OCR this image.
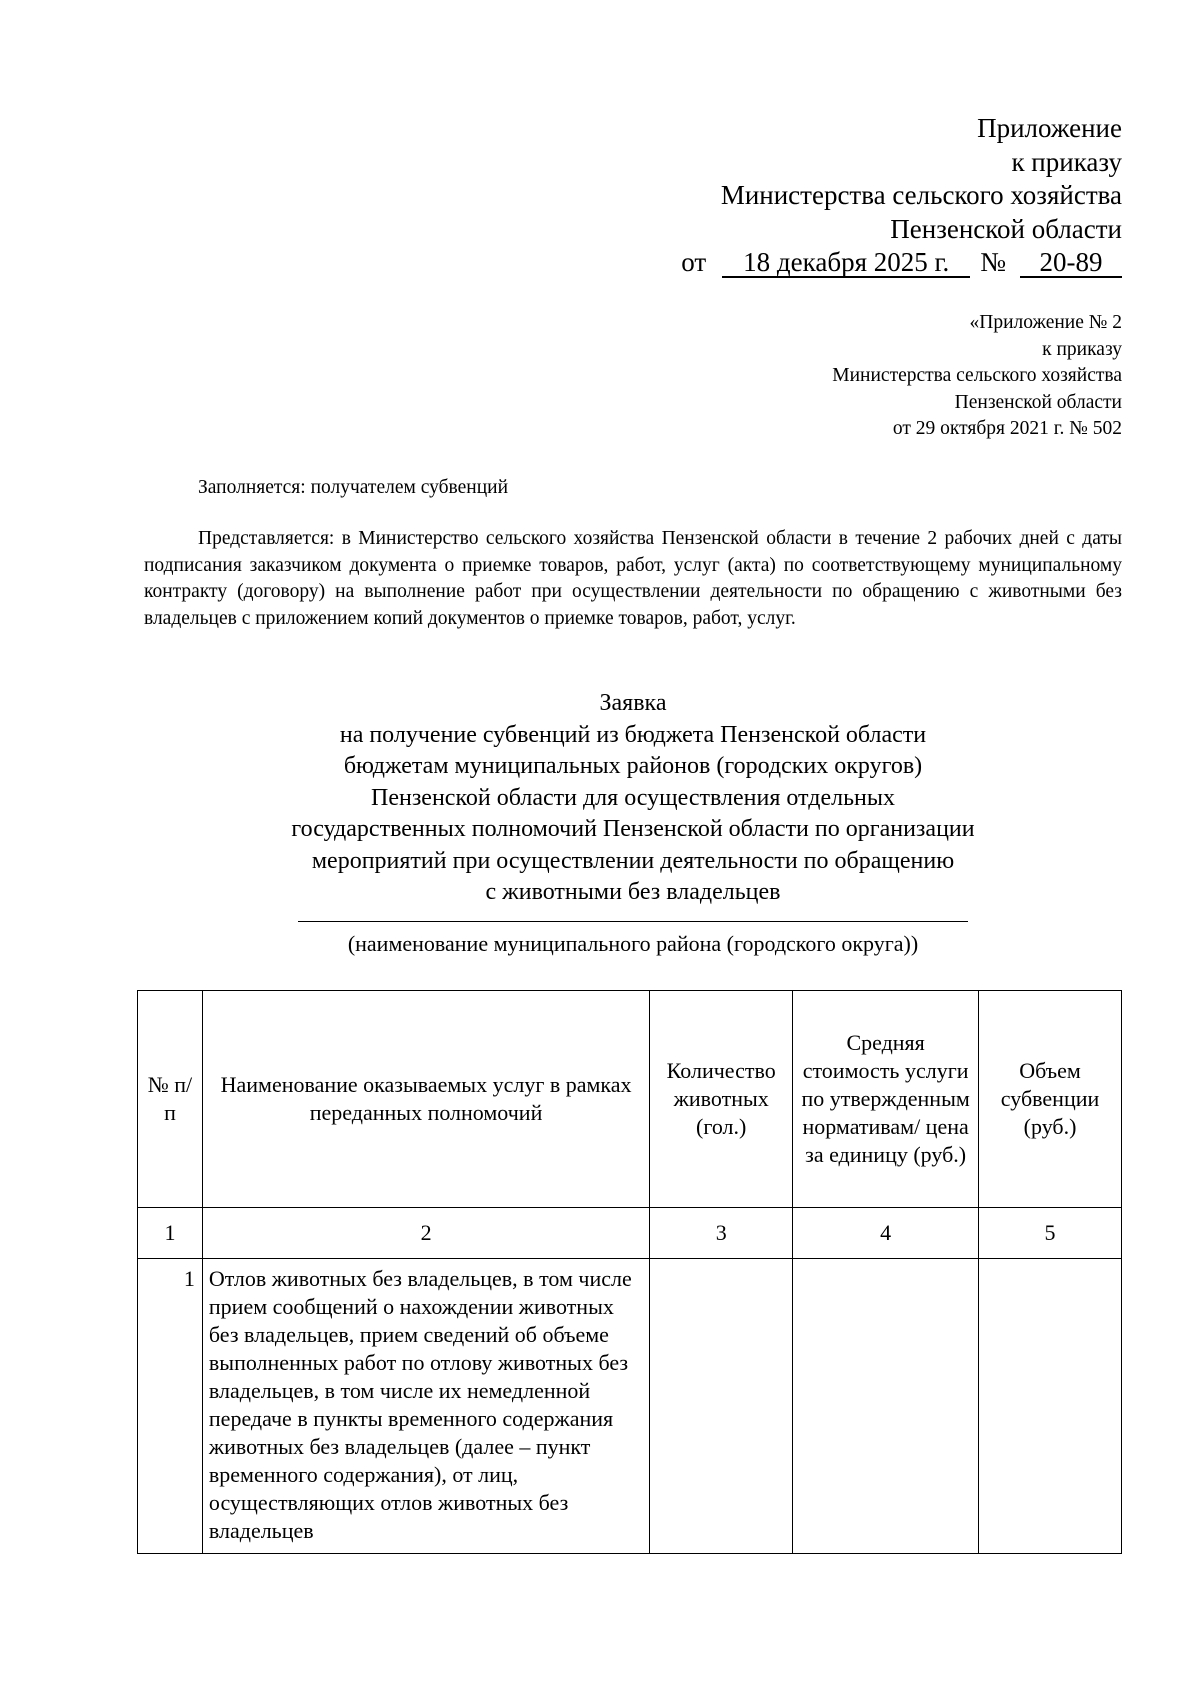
Приложение
к приказу
Министерства сельского хозяйства
Пензенской области
от 18 декабря 2025 г. № 20-89
«Приложение № 2
к приказу
Министерства сельского хозяйства
Пензенской области
от 29 октября 2021 г. № 502
Заполняется: получателем субвенций
Представляется: в Министерство сельского хозяйства Пензенской области в течение 2 рабочих дней с даты подписания заказчиком документа о приемке товаров, работ, услуг (акта) по соответствующему муниципальному контракту (договору) на выполнение работ при осуществлении деятельности по обращению с животными без владельцев с приложением копий документов о приемке товаров, работ, услуг.
Заявка
на получение субвенций из бюджета Пензенской области
бюджетам муниципальных районов (городских округов)
Пензенской области для осуществления отдельных
государственных полномочий Пензенской области по организации
мероприятий при осуществлении деятельности по обращению
с животными без владельцев
(наименование муниципального района (городского округа))
№ п/п	Наименование оказываемых услуг в рамках переданных полномочий	Количество животных (гол.)	Средняя стоимость услуги по утвержденным нормативам/ цена за единицу (руб.)	Объем субвенции (руб.)
1	2	3	4	5
1	Отлов животных без владельцев, в том числе прием сообщений о нахождении животных без владельцев, прием сведений об объеме выполненных работ по отлову животных без владельцев, в том числе их немедленной передаче в пункты временного содержания животных без владельцев (далее – пункт временного содержания), от лиц, осуществляющих отлов животных без владельцев			
